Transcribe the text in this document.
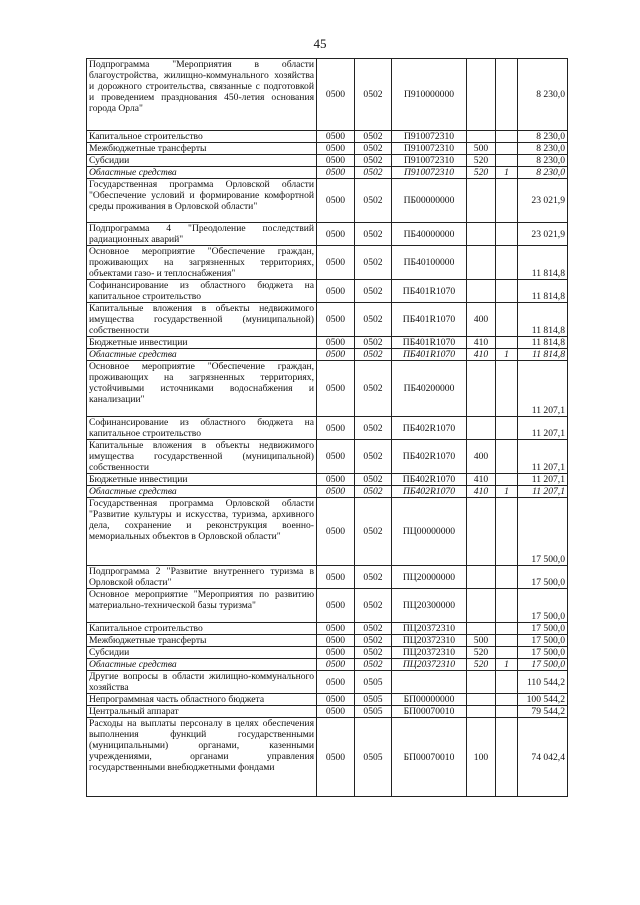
45
Подпрограмма "Мероприятия в области благоустройства, жилищно-коммунального хозяйства и дорожного строительства, связанные с подготовкой и проведением празднования 450-летия основания города Орла"	0500	0502	П910000000			8 230,0
Капитальное строительство	0500	0502	П910072310			8 230,0
Межбюджетные трансферты	0500	0502	П910072310	500		8 230,0
Субсидии	0500	0502	П910072310	520		8 230,0
Областные средства	0500	0502	П910072310	520	1	8 230,0
Государственная программа Орловской области "Обеспечение условий и формирование комфортной среды проживания в Орловской области"	0500	0502	ПБ00000000			23 021,9
Подпрограмма 4 "Преодоление последствий радиационных аварий"	0500	0502	ПБ40000000			23 021,9
Основное мероприятие "Обеспечение граждан, проживающих на загрязненных территориях, объектами газо- и теплоснабжения"	0500	0502	ПБ40100000			11 814,8
Софинансирование из областного бюджета на капитальное строительство	0500	0502	ПБ401R1070			11 814,8
Капитальные вложения в объекты недвижимого имущества государственной (муниципальной) собственности	0500	0502	ПБ401R1070	400		11 814,8
Бюджетные инвестиции	0500	0502	ПБ401R1070	410		11 814,8
Областные средства	0500	0502	ПБ401R1070	410	1	11 814,8
Основное мероприятие "Обеспечение граждан, проживающих на загрязненных территориях, устойчивыми источниками водоснабжения и канализации"	0500	0502	ПБ40200000			11 207,1
Софинансирование из областного бюджета на капитальное строительство	0500	0502	ПБ402R1070			11 207,1
Капитальные вложения в объекты недвижимого имущества государственной (муниципальной) собственности	0500	0502	ПБ402R1070	400		11 207,1
Бюджетные инвестиции	0500	0502	ПБ402R1070	410		11 207,1
Областные средства	0500	0502	ПБ402R1070	410	1	11 207,1
Государственная программа Орловской области "Развитие культуры и искусства, туризма, архивного дела, сохранение и реконструкция военно-мемориальных объектов в Орловской области"	0500	0502	ПЦ00000000			17 500,0
Подпрограмма 2 "Развитие внутреннего туризма в Орловской области"	0500	0502	ПЦ20000000			17 500,0
Основное мероприятие "Мероприятия по развитию материально-технической базы туризма"	0500	0502	ПЦ20300000			17 500,0
Капитальное строительство	0500	0502	ПЦ20372310			17 500,0
Межбюджетные трансферты	0500	0502	ПЦ20372310	500		17 500,0
Субсидии	0500	0502	ПЦ20372310	520		17 500,0
Областные средства	0500	0502	ПЦ20372310	520	1	17 500,0
Другие вопросы в области жилищно-коммунального хозяйства	0500	0505				110 544,2
Непрограммная часть областного бюджета	0500	0505	БП00000000			100 544,2
Центральный аппарат	0500	0505	БП00070010			79 544,2
Расходы на выплаты персоналу в целях обеспечения выполнения функций государственными (муниципальными) органами, казенными учреждениями, органами управления государственными внебюджетными фондами	0500	0505	БП00070010	100		74 042,4
